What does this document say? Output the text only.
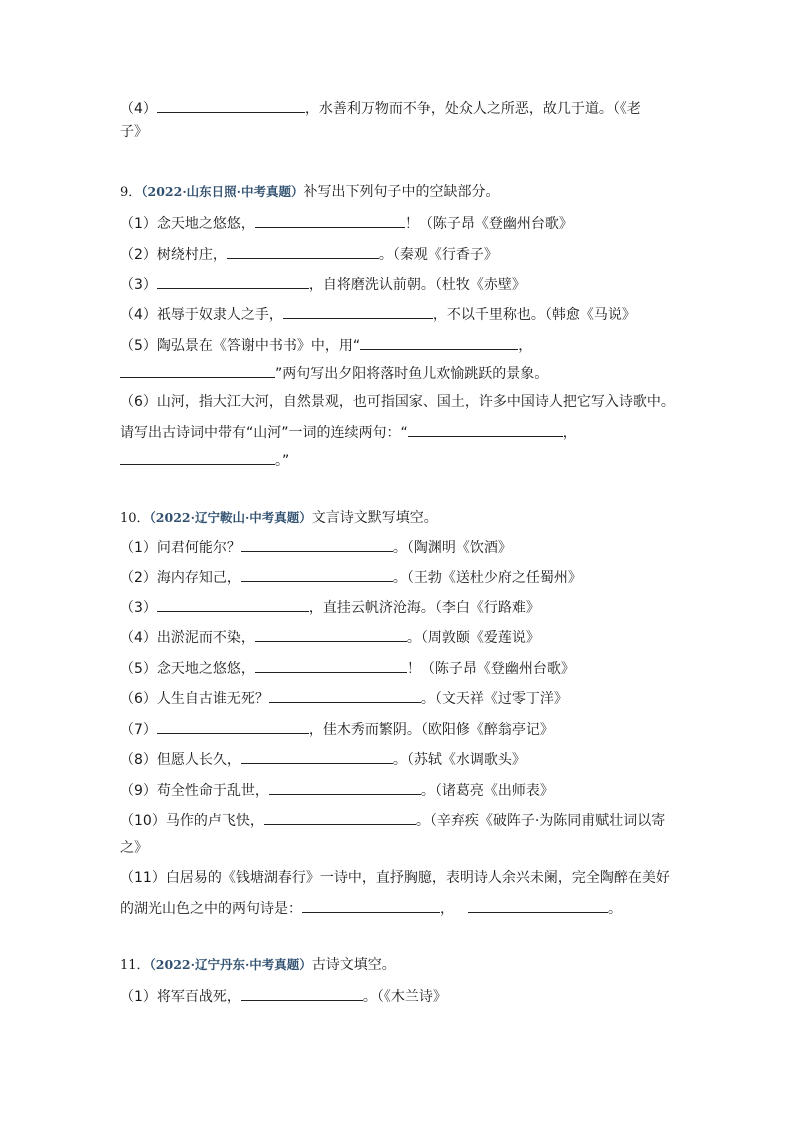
（4）	，水善利万物而不争，处众人之所恶，故几于道。（《老
子》
9．（2022·山东日照·中考真题）补写出下列句子中的空缺部分。
（1）念天地之悠悠，	！（陈子昂《登幽州台歌》
（2）树绕村庄，	。（秦观《行香子》
（3）	，自将磨洗认前朝。（杜牧《赤壁》
（4）祇辱于奴隶人之手，	，不以千里称也。（韩愈《马说》
（5）陶弘景在《答谢中书书》中，用“	，
”两句写出夕阳将落时鱼儿欢愉跳跃的景象。
（6）山河，指大江大河，自然景观，也可指国家、国土，许多中国诗人把它写入诗歌中。
请写出古诗词中带有“山河”一词的连续两句：“	，
。”
10．（2022·辽宁鞍山·中考真题）文言诗文默写填空。
（1）问君何能尔？	。（陶渊明《饮酒》
（2）海内存知己，	。（王勃《送杜少府之任蜀州》
（3）	，直挂云帆济沧海。（李白《行路难》
（4）出淤泥而不染，	。（周敦颐《爱莲说》
（5）念天地之悠悠，	！（陈子昂《登幽州台歌》
（6）人生自古谁无死？	。（文天祥《过零丁洋》
（7）	，佳木秀而繁阴。（欧阳修《醉翁亭记》
（8）但愿人长久，	。（苏轼《水调歌头》
（9）苟全性命于乱世，	。（诸葛亮《出师表》
（10）马作的卢飞快，	。（辛弃疾《破阵子·为陈同甫赋壮词以寄
之》
（11）白居易的《钱塘湖春行》一诗中，直抒胸臆，表明诗人余兴未阑，完全陶醉在美好
的湖光山色之中的两句诗是：	，	。
11．（2022·辽宁丹东·中考真题）古诗文填空。
（1）将军百战死，	。（《木兰诗》
